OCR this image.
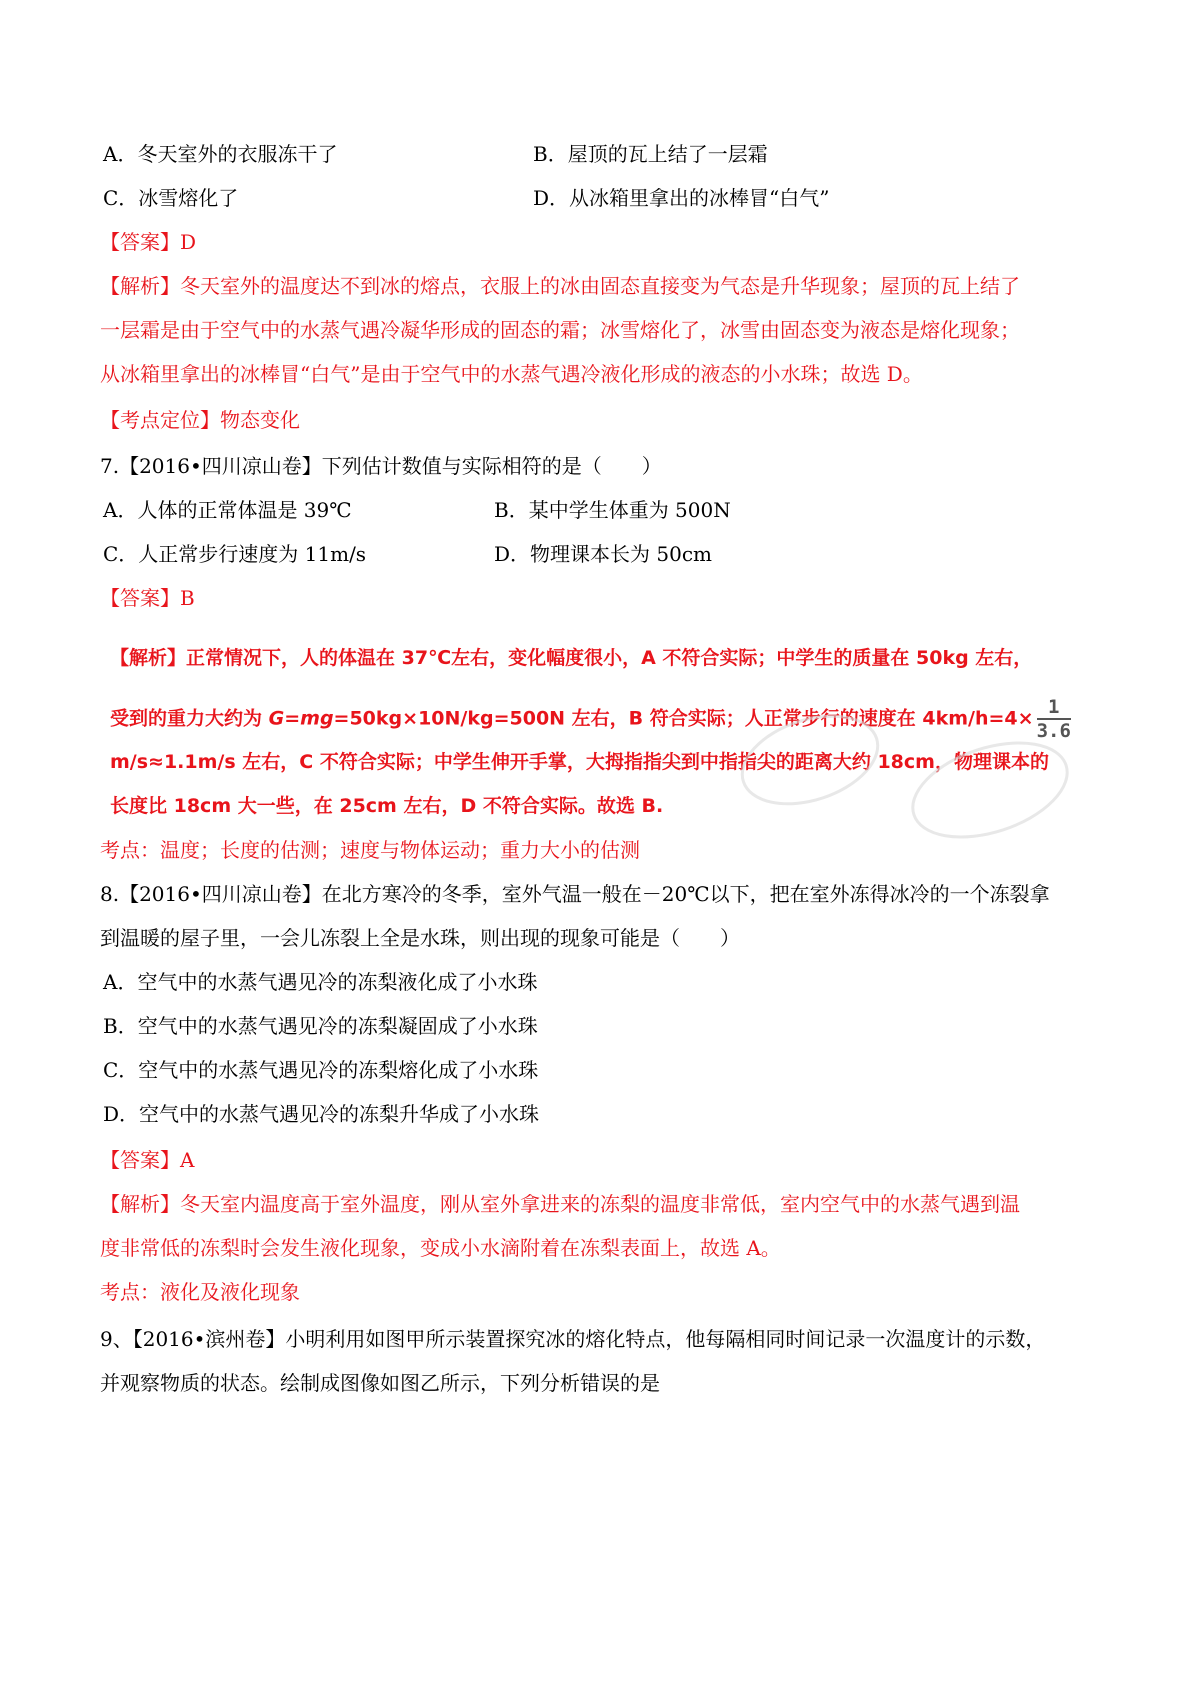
A．冬天室外的衣服冻干了	B．屋顶的瓦上结了一层霜
C．冰雪熔化了	D．从冰箱里拿出的冰棒冒“白气”
【答案】D
【解析】冬天室外的温度达不到冰的熔点，衣服上的冰由固态直接变为气态是升华现象；屋顶的瓦上结了
一层霜是由于空气中的水蒸气遇冷凝华形成的固态的霜；冰雪熔化了，冰雪由固态变为液态是熔化现象；
从冰箱里拿出的冰棒冒“白气”是由于空气中的水蒸气遇冷液化形成的液态的小水珠；故选 D。
【考点定位】物态变化
7.【2016•四川凉山卷】下列估计数值与实际相符的是（　　）
A．人体的正常体温是 39℃	B．某中学生体重为 500N
C．人正常步行速度为 11m/s	D．物理课本长为 50cm
【答案】B
【解析】正常情况下，人的体温在 37℃左右，变化幅度很小，A 不符合实际；中学生的质量在 50kg 左右，
受到的重力大约为 G=mg=50kg×10N/kg=500N 左右，B 符合实际；人正常步行的速度在 $4km/h=4\times \frac{1}{3.6}$
m/s≈1.1m/s 左右，C 不符合实际；中学生伸开手掌，大拇指指尖到中指指尖的距离大约 18cm，物理课本的
长度比 18cm 大一些，在 25cm 左右，D 不符合实际。故选 B.
考点：温度；长度的估测；速度与物体运动；重力大小的估测
8.【2016•四川凉山卷】在北方寒冷的冬季，室外气温一般在－20℃以下，把在室外冻得冰冷的一个冻裂拿
到温暖的屋子里，一会儿冻裂上全是水珠，则出现的现象可能是（　　）
A．空气中的水蒸气遇见冷的冻梨液化成了小水珠
B．空气中的水蒸气遇见冷的冻梨凝固成了小水珠
C．空气中的水蒸气遇见冷的冻梨熔化成了小水珠
D．空气中的水蒸气遇见冷的冻梨升华成了小水珠
【答案】A
【解析】冬天室内温度高于室外温度，刚从室外拿进来的冻梨的温度非常低，室内空气中的水蒸气遇到温
度非常低的冻梨时会发生液化现象，变成小水滴附着在冻梨表面上，故选 A。
考点：液化及液化现象
9、【2016•滨州卷】小明利用如图甲所示装置探究冰的熔化特点，他每隔相同时间记录一次温度计的示数，
并观察物质的状态。绘制成图像如图乙所示，下列分析错误的是
